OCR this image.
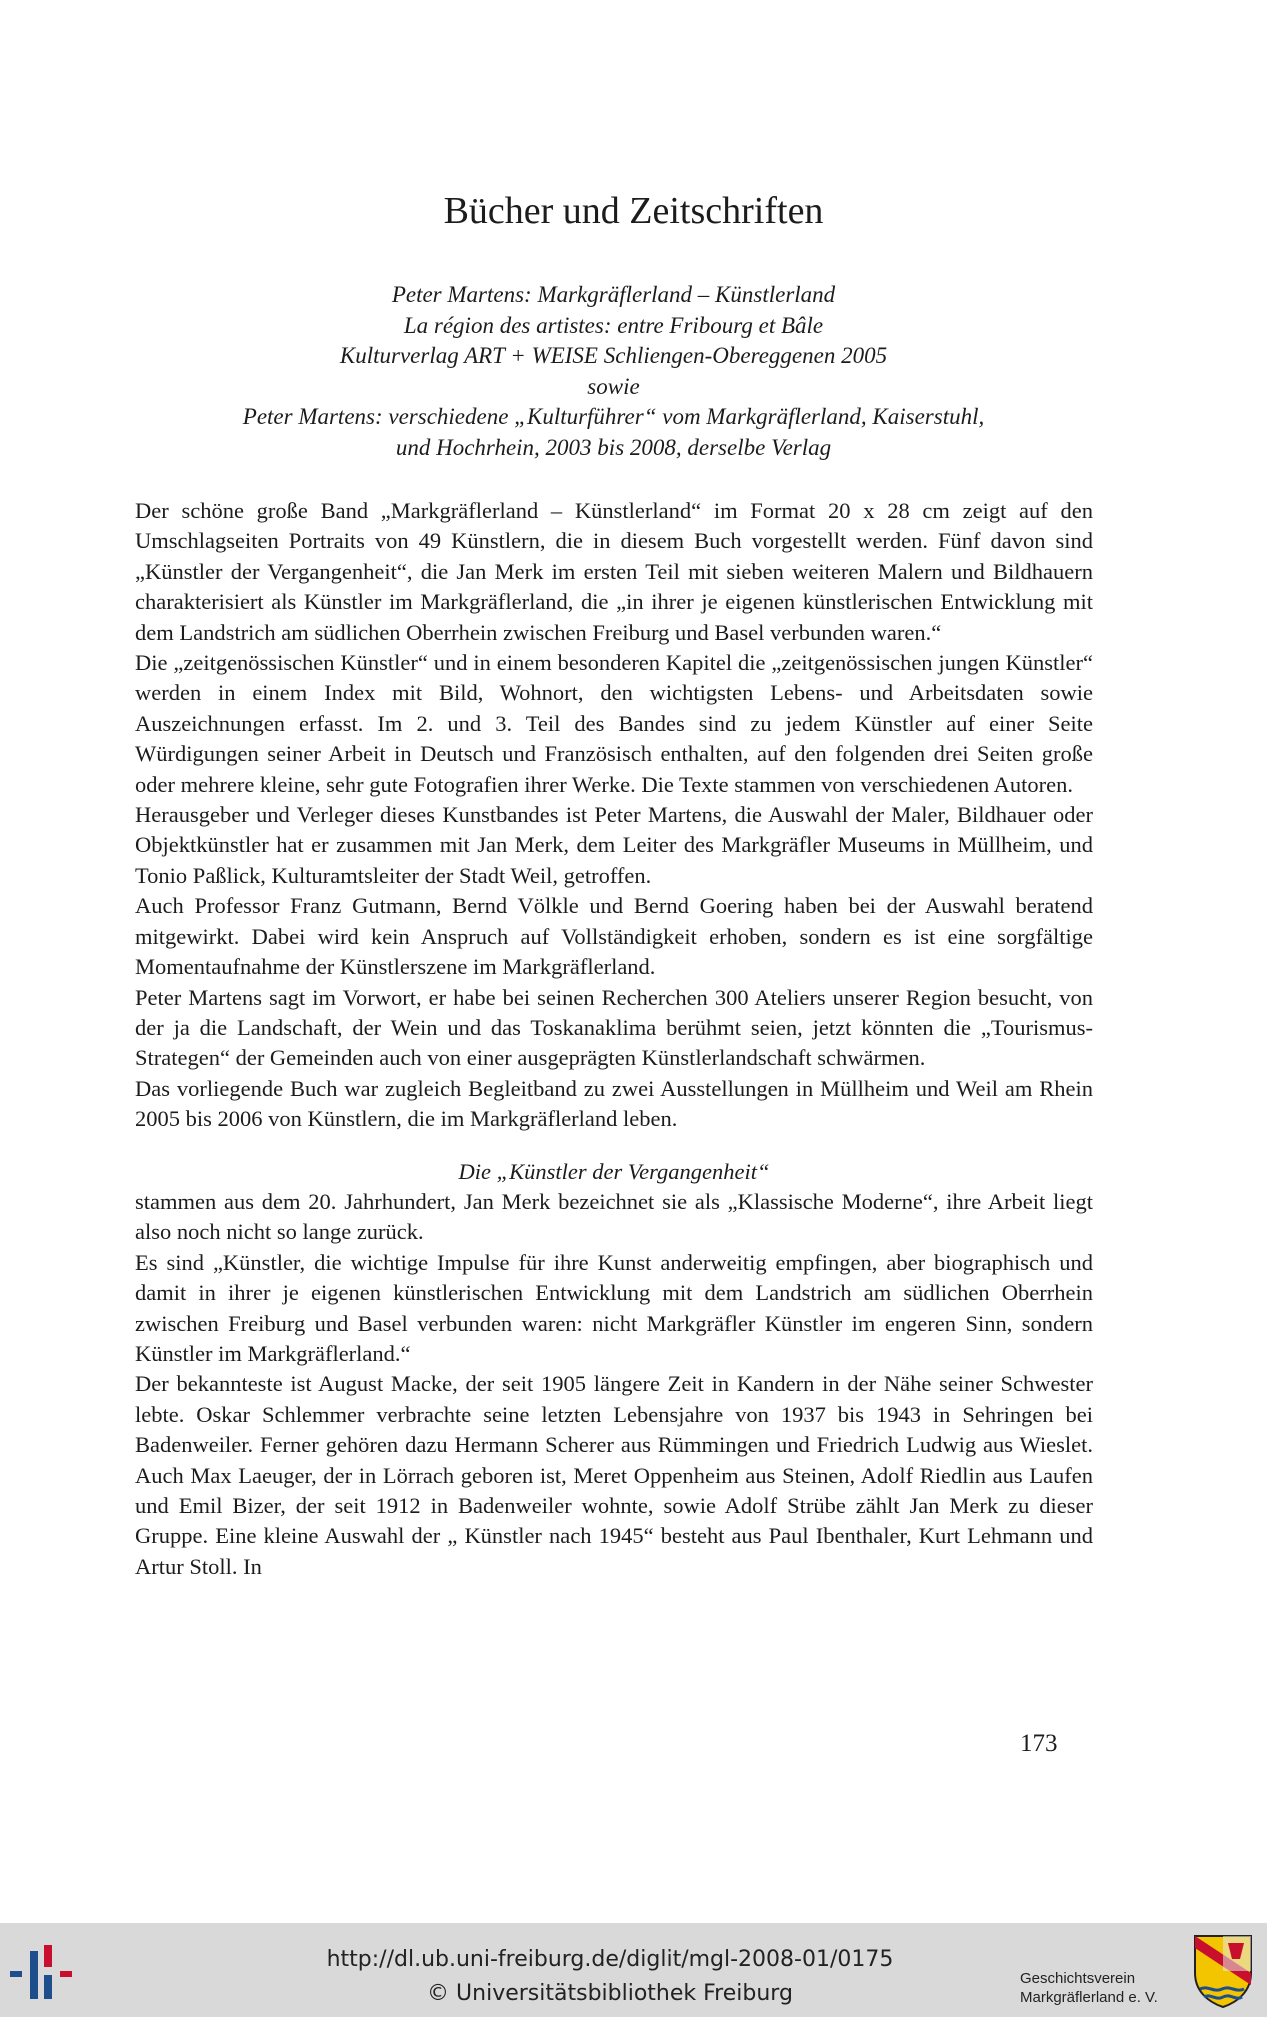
Bücher und Zeitschriften
Peter Martens: Markgräflerland – Künstlerland
La région des artistes: entre Fribourg et Bâle
Kulturverlag ART + WEISE Schliengen-Obereggenen 2005
sowie
Peter Martens: verschiedene „Kulturführer“ vom Markgräflerland, Kaiserstuhl,
und Hochrhein, 2003 bis 2008, derselbe Verlag

Der schöne große Band „Markgräflerland – Künstlerland“ im Format 20 x 28 cm zeigt auf den Umschlagseiten Portraits von 49 Künstlern, die in diesem Buch vorgestellt werden. Fünf davon sind „Künstler der Vergangenheit“, die Jan Merk im ersten Teil mit sieben weiteren Malern und Bildhauern charakterisiert als Künstler im Markgräflerland, die „in ihrer je eigenen künstlerischen Entwicklung mit dem Landstrich am südlichen Oberrhein zwischen Freiburg und Basel verbunden waren.“

Die „zeitgenössischen Künstler“ und in einem besonderen Kapitel die „zeitgenössischen jungen Künstler“ werden in einem Index mit Bild, Wohnort, den wichtigsten Lebens- und Arbeitsdaten sowie Auszeichnungen erfasst. Im 2. und 3. Teil des Bandes sind zu jedem Künstler auf einer Seite Würdigungen seiner Arbeit in Deutsch und Französisch enthalten, auf den folgenden drei Seiten große oder mehrere kleine, sehr gute Fotografien ihrer Werke. Die Texte stammen von verschiedenen Autoren.

Herausgeber und Verleger dieses Kunstbandes ist Peter Martens, die Auswahl der Maler, Bildhauer oder Objektkünstler hat er zusammen mit Jan Merk, dem Leiter des Markgräfler Museums in Müllheim, und Tonio Paßlick, Kulturamtsleiter der Stadt Weil, getroffen.

Auch Professor Franz Gutmann, Bernd Völkle und Bernd Goering haben bei der Auswahl beratend mitgewirkt. Dabei wird kein Anspruch auf Vollständigkeit erhoben, sondern es ist eine sorgfältige Momentaufnahme der Künstlerszene im Markgräflerland.

Peter Martens sagt im Vorwort, er habe bei seinen Recherchen 300 Ateliers unserer Region besucht, von der ja die Landschaft, der Wein und das Toskanaklima berühmt seien, jetzt könnten die „Tourismus-Strategen“ der Gemeinden auch von einer ausgeprägten Künstlerlandschaft schwärmen.

Das vorliegende Buch war zugleich Begleitband zu zwei Ausstellungen in Müllheim und Weil am Rhein 2005 bis 2006 von Künstlern, die im Markgräflerland leben.

Die „Künstler der Vergangenheit“

stammen aus dem 20. Jahrhundert, Jan Merk bezeichnet sie als „Klassische Moderne“, ihre Arbeit liegt also noch nicht so lange zurück.

Es sind „Künstler, die wichtige Impulse für ihre Kunst anderweitig empfingen, aber biographisch und damit in ihrer je eigenen künstlerischen Entwicklung mit dem Landstrich am südlichen Oberrhein zwischen Freiburg und Basel verbunden waren: nicht Markgräfler Künstler im engeren Sinn, sondern Künstler im Markgräflerland.“

Der bekannteste ist August Macke, der seit 1905 längere Zeit in Kandern in der Nähe seiner Schwester lebte. Oskar Schlemmer verbrachte seine letzten Lebensjahre von 1937 bis 1943 in Sehringen bei Badenweiler. Ferner gehören dazu Hermann Scherer aus Rümmingen und Friedrich Ludwig aus Wieslet. Auch Max Laeuger, der in Lörrach geboren ist, Meret Oppenheim aus Steinen, Adolf Riedlin aus Laufen und Emil Bizer, der seit 1912 in Badenweiler wohnte, sowie Adolf Strübe zählt Jan Merk zu dieser Gruppe. Eine kleine Auswahl der „ Künstler nach 1945“ besteht aus Paul Ibenthaler, Kurt Lehmann und Artur Stoll. In

173
http://dl.ub.uni-freiburg.de/diglit/mgl-2008-01/0175
© Universitätsbibliothek Freiburg
Geschichtsverein
Markgräflerland e. V.
